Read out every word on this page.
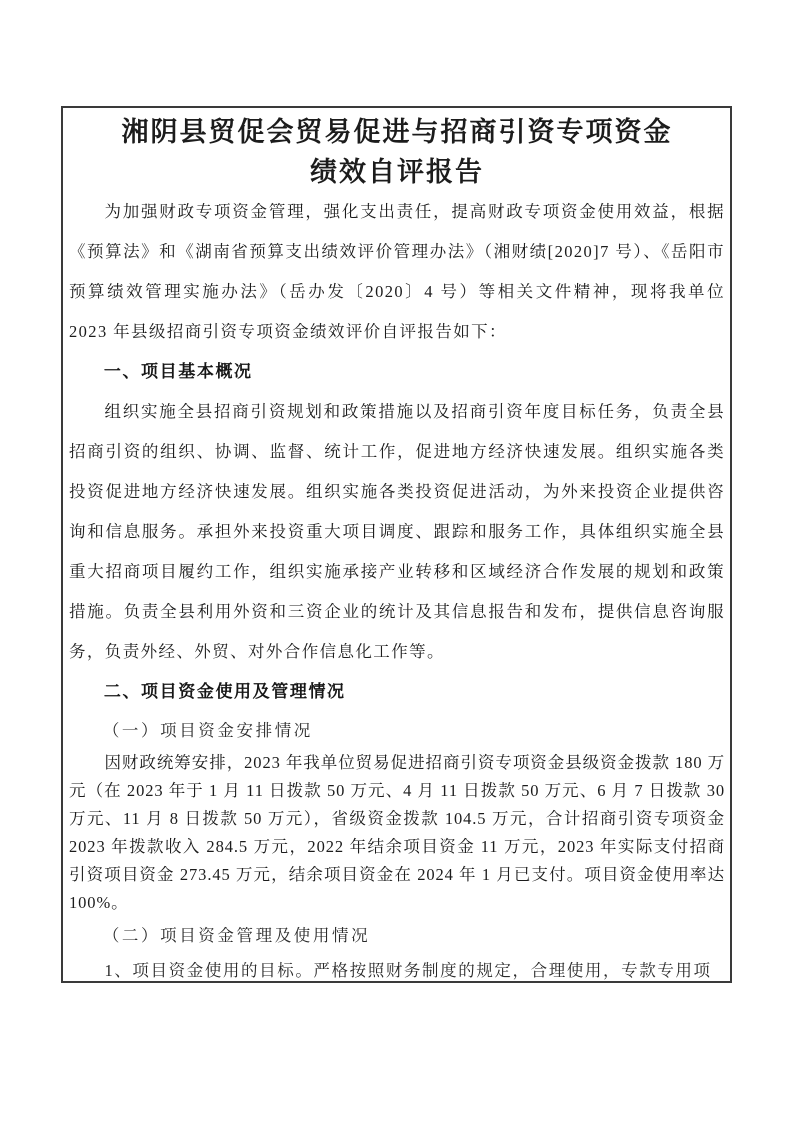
湘阴县贸促会贸易促进与招商引资专项资金
绩效自评报告

为加强财政专项资金管理，强化支出责任，提高财政专项资金使用效益，根据《预算法》和《湖南省预算支出绩效评价管理办法》（湘财绩[2020]7 号）、《岳阳市预算绩效管理实施办法》（岳办发〔2020〕4 号）等相关文件精神，现将我单位 2023 年县级招商引资专项资金绩效评价自评报告如下：

一、项目基本概况

组织实施全县招商引资规划和政策措施以及招商引资年度目标任务，负责全县招商引资的组织、协调、监督、统计工作，促进地方经济快速发展。组织实施各类投资促进地方经济快速发展。组织实施各类投资促进活动，为外来投资企业提供咨询和信息服务。承担外来投资重大项目调度、跟踪和服务工作，具体组织实施全县重大招商项目履约工作，组织实施承接产业转移和区域经济合作发展的规划和政策措施。负责全县利用外资和三资企业的统计及其信息报告和发布，提供信息咨询服务，负责外经、外贸、对外合作信息化工作等。

二、项目资金使用及管理情况
（一）项目资金安排情况

因财政统筹安排，2023 年我单位贸易促进招商引资专项资金县级资金拨款 180 万元（在 2023 年于 1 月 11 日拨款 50 万元、4 月 11 日拨款 50 万元、6 月 7 日拨款 30 万元、11 月 8 日拨款 50 万元），省级资金拨款 104.5 万元，合计招商引资专项资金 2023 年拨款收入 284.5 万元，2022 年结余项目资金 11 万元，2023 年实际支付招商引资项目资金 273.45 万元，结余项目资金在 2024 年 1 月已支付。项目资金使用率达 100%。

（二）项目资金管理及使用情况
1、项目资金使用的目标。严格按照财务制度的规定，合理使用，专款专用项
